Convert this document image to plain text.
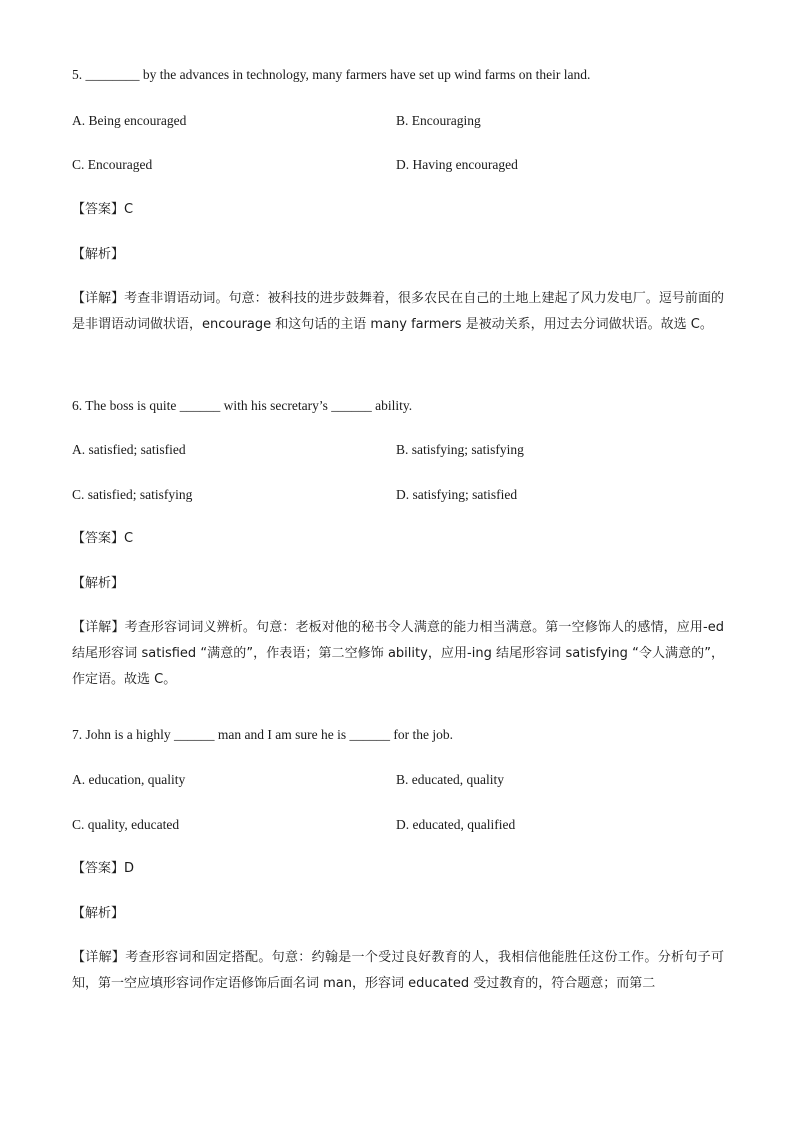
5. ________ by the advances in technology, many farmers have set up wind farms on their land.
A. Being encouraged	B. Encouraging
C. Encouraged	D. Having encouraged
【答案】C
【解析】
【详解】考查非谓语动词。句意：被科技的进步鼓舞着，很多农民在自己的土地上建起了风力发电厂。逗号前面的是非谓语动词做状语，encourage 和这句话的主语 many farmers 是被动关系，用过去分词做状语。故选 C。
6. The boss is quite ______ with his secretary’s ______ ability.
A. satisfied; satisfied	B. satisfying; satisfying
C. satisfied; satisfying	D. satisfying; satisfied
【答案】C
【解析】
【详解】考查形容词词义辨析。句意：老板对他的秘书令人满意的能力相当满意。第一空修饰人的感情，应用-ed 结尾形容词 satisfied “满意的”，作表语；第二空修饰 ability，应用-ing 结尾形容词 satisfying “令人满意的”，作定语。故选 C。
7. John is a highly ______ man and I am sure he is ______ for the job.
A. education, quality	B. educated, quality
C. quality, educated	D. educated, qualified
【答案】D
【解析】
【详解】考查形容词和固定搭配。句意：约翰是一个受过良好教育的人，我相信他能胜任这份工作。分析句子可知，第一空应填形容词作定语修饰后面名词 man，形容词 educated 受过教育的，符合题意；而第二
